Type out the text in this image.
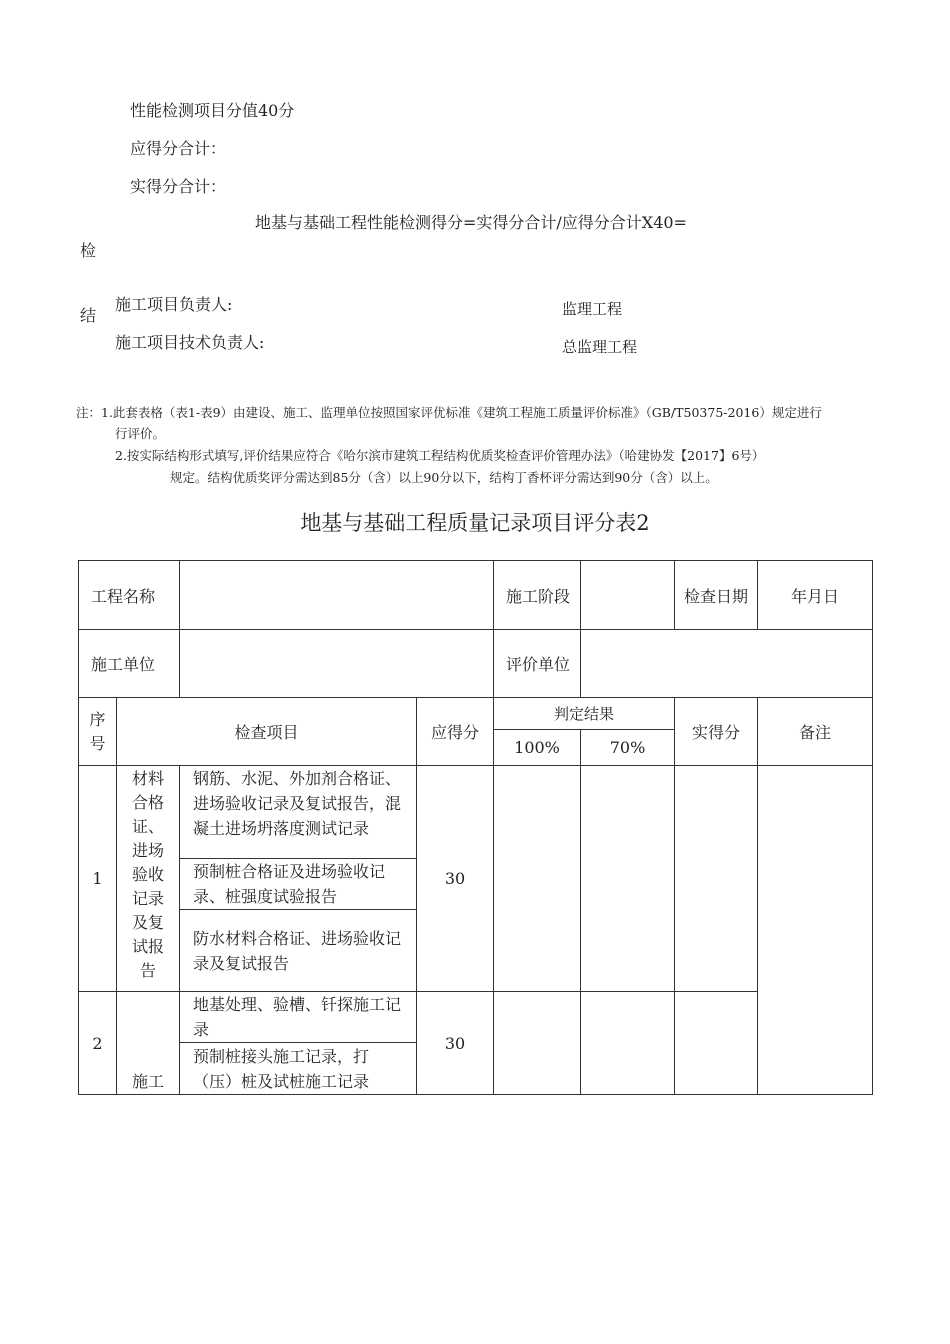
性能检测项目分值40分
应得分合计：
实得分合计：
地基与基础工程性能检测得分=实得分合计/应得分合计X40=
检
结
施工项目负责人:	监理工程
施工项目技术负责人:	总监理工程
注：1.此套表格（表1-表9）由建设、施工、监理单位按照国家评优标准《建筑工程施工质量评价标准》（GB/T50375-2016）规定进行
行评价。
2.按实际结构形式填写,评价结果应符合《哈尔滨市建筑工程结构优质奖检查评价管理办法》（哈建协发【2017】6号）
规定。结构优质奖评分需达到85分（含）以上90分以下，结构丁香杯评分需达到90分（含）以上。
地基与基础工程质量记录项目评分表2
工程名称				施工阶段		检查日期	年月日
施工单位				评价单位			
序号	检查项目		应得分	判定结果		实得分	备注
				100%	70%		
1	材料合格证、进场验收记录及复试报告	钢筋、水泥、外加剂合格证、进场验收记录及复试报告，混凝土进场坍落度测试记录	30				

		预制桩合格证及进场验收记录、桩强度试验报告					

		防水材料合格证、进场验收记录及复试报告					

2	施工	地基处理、验槽、钎探施工记录	30				

		预制桩接头施工记录，打（压）桩及试桩施工记录					
